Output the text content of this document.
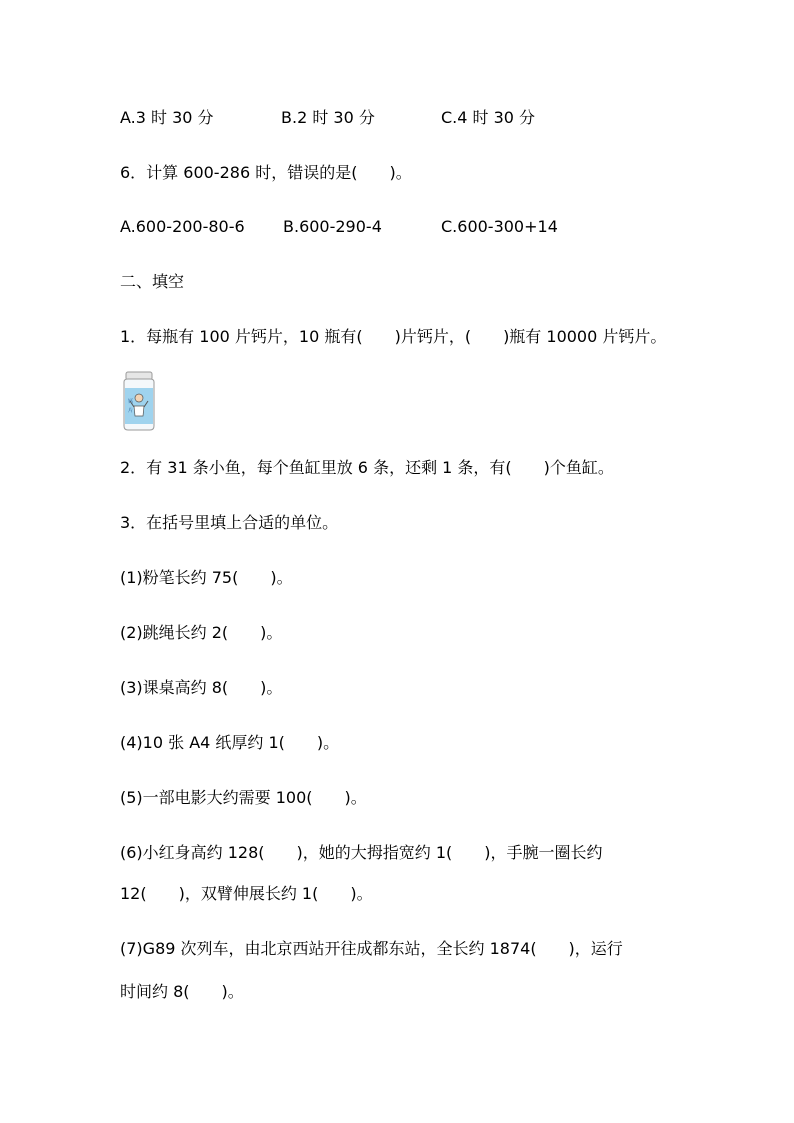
A.3 时 30 分	B.2 时 30 分	C.4 时 30 分
6．计算 600-286 时，错误的是(　　)。
A.600-200-80-6 B.600-290-4	C.600-300+14
二、填空
1．每瓶有 100 片钙片，10 瓶有(　　)片钙片，(　　)瓶有 10000 片钙片。
钙
片
2．有 31 条小鱼，每个鱼缸里放 6 条，还剩 1 条，有(　　)个鱼缸。
3．在括号里填上合适的单位。
(1)粉笔长约 75(　　)。
(2)跳绳长约 2(　　)。
(3)课桌高约 8(　　)。
(4)10 张 A4 纸厚约 1(　　)。
(5)一部电影大约需要 100(　　)。
(6)小红身高约 128(　　)，她的大拇指宽约 1(　　)，手腕一圈长约
12(　　)，双臂伸展长约 1(　　)。
(7)G89 次列车，由北京西站开往成都东站，全长约 1874(　　)，运行
时间约 8(　　)。
